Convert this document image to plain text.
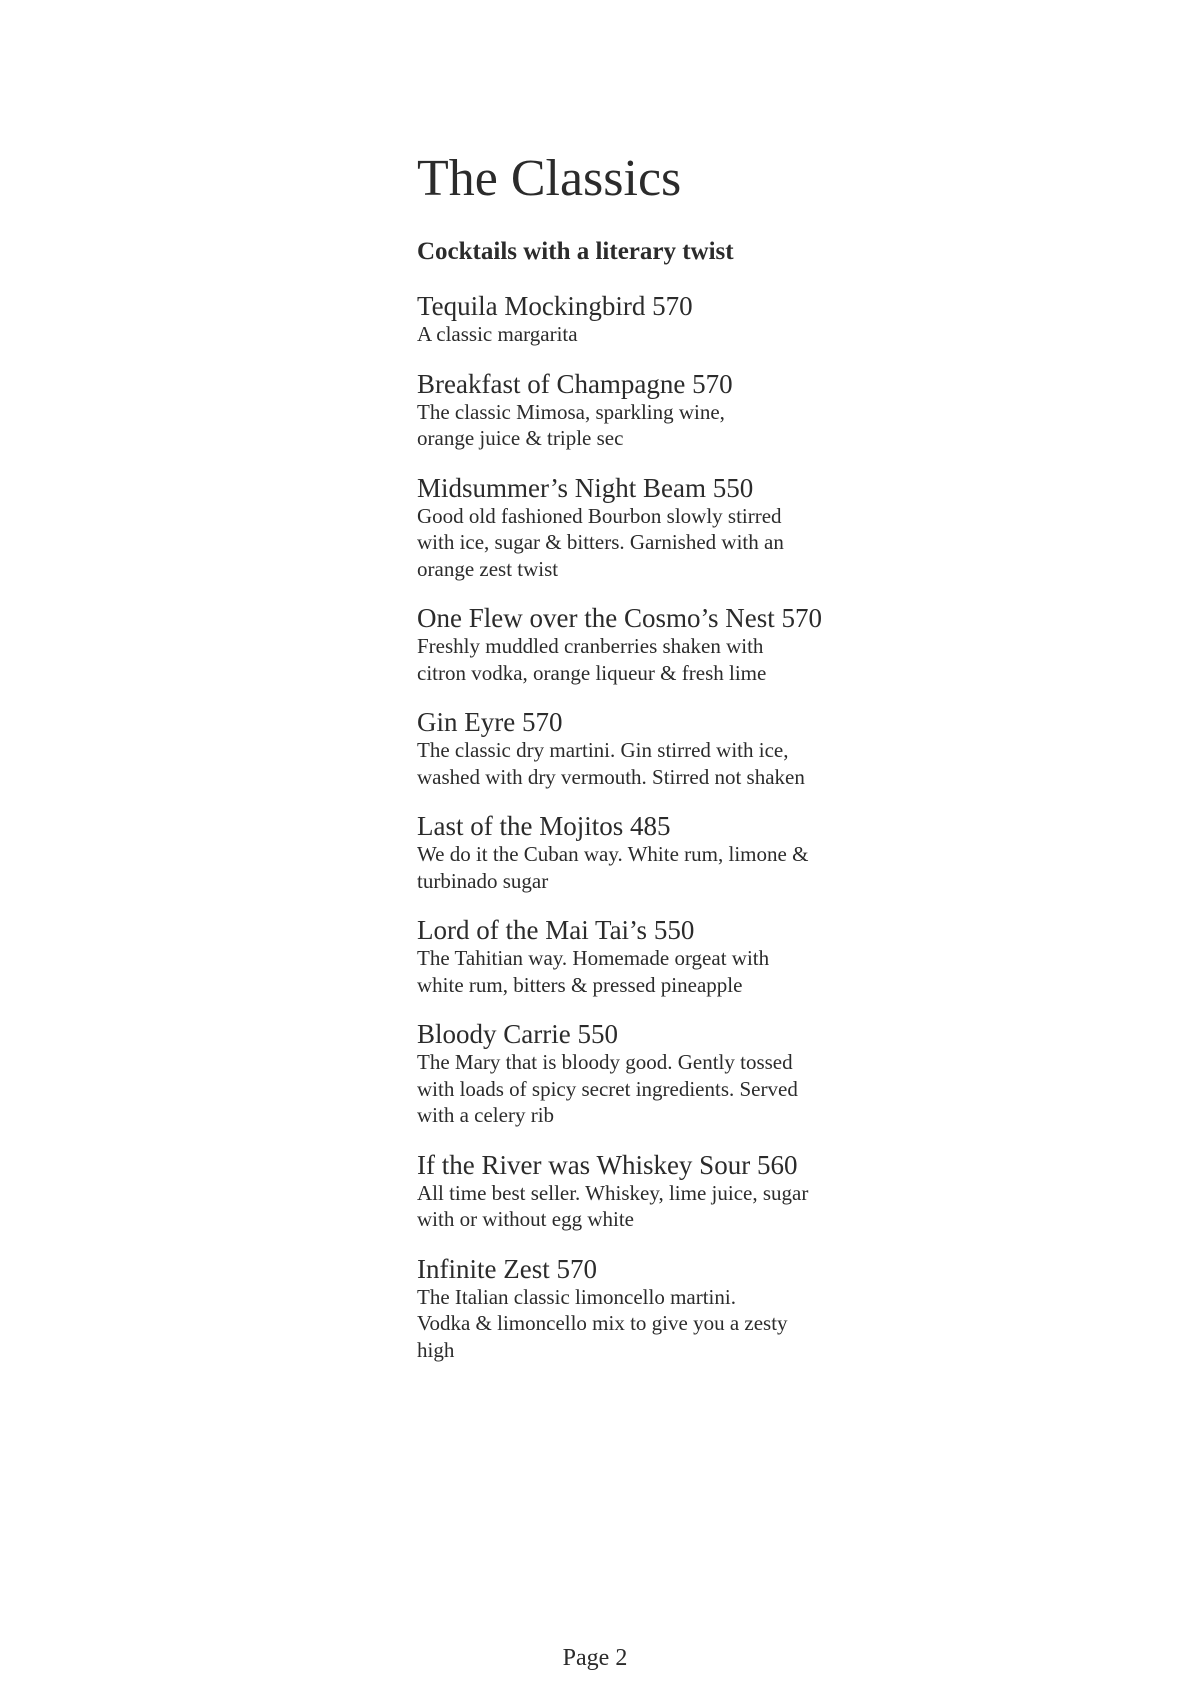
The Classics
Cocktails with a literary twist
Tequila Mockingbird 570
A classic margarita
Breakfast of Champagne 570
The classic Mimosa, sparkling wine,
orange juice & triple sec
Midsummer’s Night Beam 550
Good old fashioned Bourbon slowly stirred
with ice, sugar & bitters. Garnished with an
orange zest twist
One Flew over the Cosmo’s Nest 570
Freshly muddled cranberries shaken with
citron vodka, orange liqueur & fresh lime
Gin Eyre 570
The classic dry martini. Gin stirred with ice,
washed with dry vermouth. Stirred not shaken
Last of the Mojitos 485
We do it the Cuban way. White rum, limone &
turbinado sugar
Lord of the Mai Tai’s 550
The Tahitian way. Homemade orgeat with
white rum, bitters & pressed pineapple
Bloody Carrie 550
The Mary that is bloody good. Gently tossed
with loads of spicy secret ingredients. Served
with a celery rib
If the River was Whiskey Sour 560
All time best seller. Whiskey, lime juice, sugar
with or without egg white
Infinite Zest 570
The Italian classic limoncello martini.
Vodka & limoncello mix to give you a zesty
high
Page 2
